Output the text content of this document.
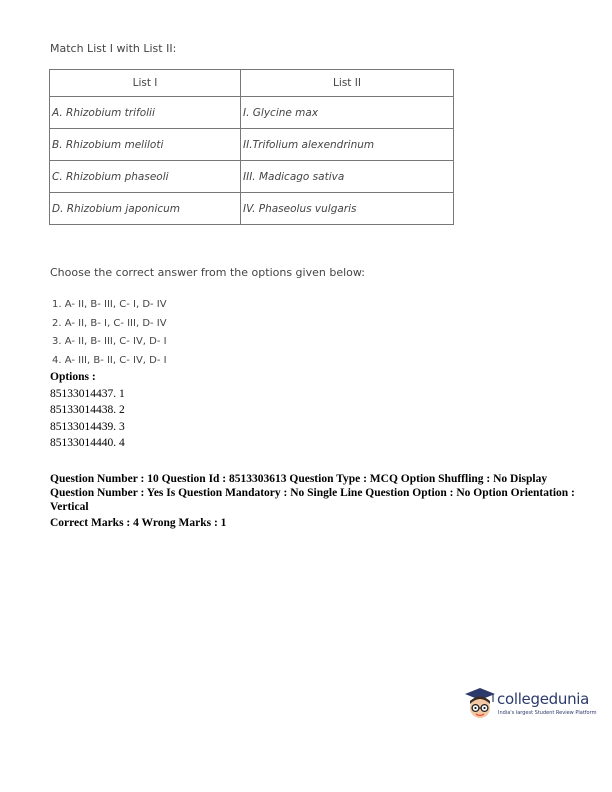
Match List I with List II:
List I	List II
A. Rhizobium trifolii	I. Glycine max
B. Rhizobium meliloti	II.Trifolium alexendrinum
C. Rhizobium phaseoli	III. Madicago sativa
D. Rhizobium japonicum	IV. Phaseolus vulgaris
Choose the correct answer from the options given below:
1. A- II, B- III, C- I, D- IV
2. A- II, B- I, C- III, D- IV
3. A- II, B- III, C- IV, D- I
4. A- III, B- II, C- IV, D- I
Options :
85133014437. 1
85133014438. 2
85133014439. 3
85133014440. 4
Question Number : 10 Question Id : 8513303613 Question Type : MCQ Option Shuffling : No Display Question Number : Yes Is Question Mandatory : No Single Line Question Option : No Option Orientation : Vertical
Correct Marks : 4 Wrong Marks : 1
collegedunia
India's largest Student Review Platform
